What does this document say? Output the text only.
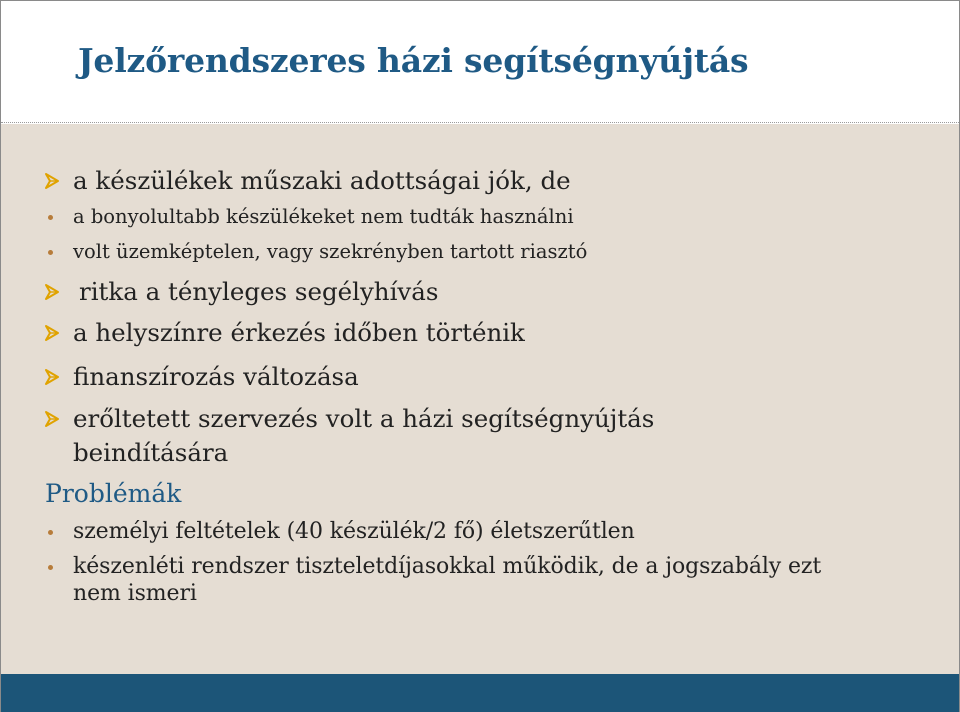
Jelzőrendszeres házi segítségnyújtás
a készülékek műszaki adottságai jók, de
a bonyolultabb készülékeket nem tudták használni
volt üzemképtelen, vagy szekrényben tartott riasztó
ritka a tényleges segélyhívás
a helyszínre érkezés időben történik
finanszírozás változása
erőltetett szervezés volt a házi segítségnyújtás
beindítására
Problémák
személyi feltételek (40 készülék/2 fő) életszerűtlen
készenléti rendszer tiszteletdíjasokkal működik, de a jogszabály ezt
nem ismeri
